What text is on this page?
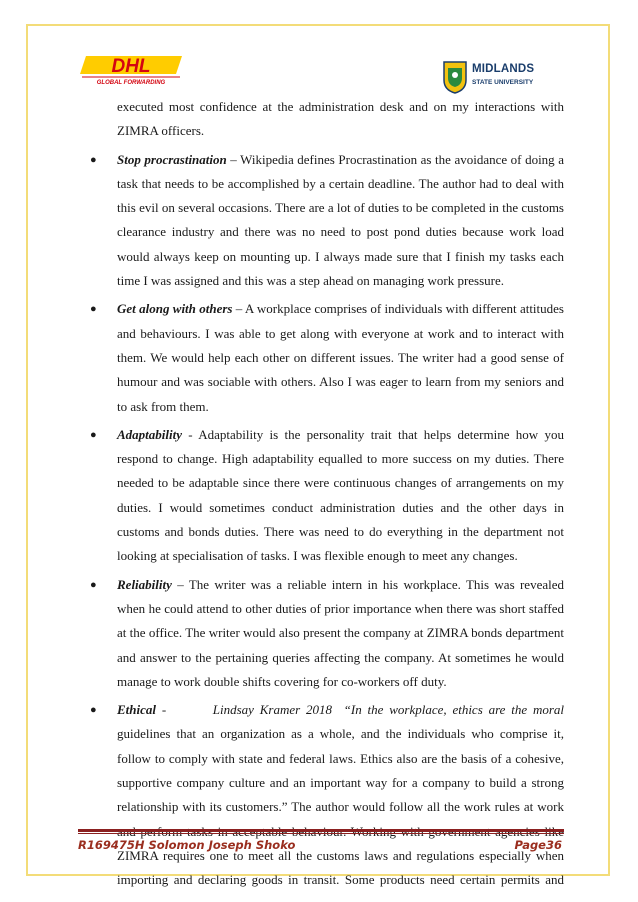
DHL
GLOBAL FORWARDING
MIDLANDS
STATE UNIVERSITY

executed most confidence at the administration desk and on my interactions with

ZIMRA officers.

● Stop procrastination – Wikipedia defines Procrastination as the avoidance of doing a

task that needs to be accomplished by a certain deadline. The author had to deal with

this evil on several occasions. There are a lot of duties to be completed in the customs

clearance industry and there was no need to post pond duties because work load

would always keep on mounting up. I always made sure that I finish my tasks each

time I was assigned and this was a step ahead on managing work pressure.

● Get along with others – A workplace comprises of individuals with different attitudes

and behaviours. I was able to get along with everyone at work and to interact with

them. We would help each other on different issues. The writer had a good sense of

humour and was sociable with others. Also I was eager to learn from my seniors and

to ask from them.

● Adaptability - Adaptability is the personality trait that helps determine how you

respond to change. High adaptability equalled to more success on my duties. There

needed to be adaptable since there were continuous changes of arrangements on my

duties. I would sometimes conduct administration duties and the other days in

customs and bonds duties. There was need to do everything in the department not

looking at specialisation of tasks. I was flexible enough to meet any changes.

● Reliability – The writer was a reliable intern in his workplace. This was revealed

when he could attend to other duties of prior importance when there was short staffed

at the office. The writer would also present the company at ZIMRA bonds department

and answer to the pertaining queries affecting the company. At sometimes he would

manage to work double shifts covering for co-workers off duty.

● Ethical -	Lindsay Kramer 2018 “In the workplace, ethics are the moral

guidelines that an organization as a whole, and the individuals who comprise it,

follow to comply with state and federal laws. Ethics also are the basis of a cohesive,

supportive company culture and an important way for a company to build a strong

relationship with its customers.” The author would follow all the work rules at work

and perform tasks in acceptable behaviour. Working with government agencies like

ZIMRA requires one to meet all the customs laws and regulations especially when

importing and declaring goods in transit. Some products need certain permits and

R169475H Solomon Joseph Shoko	Page36
